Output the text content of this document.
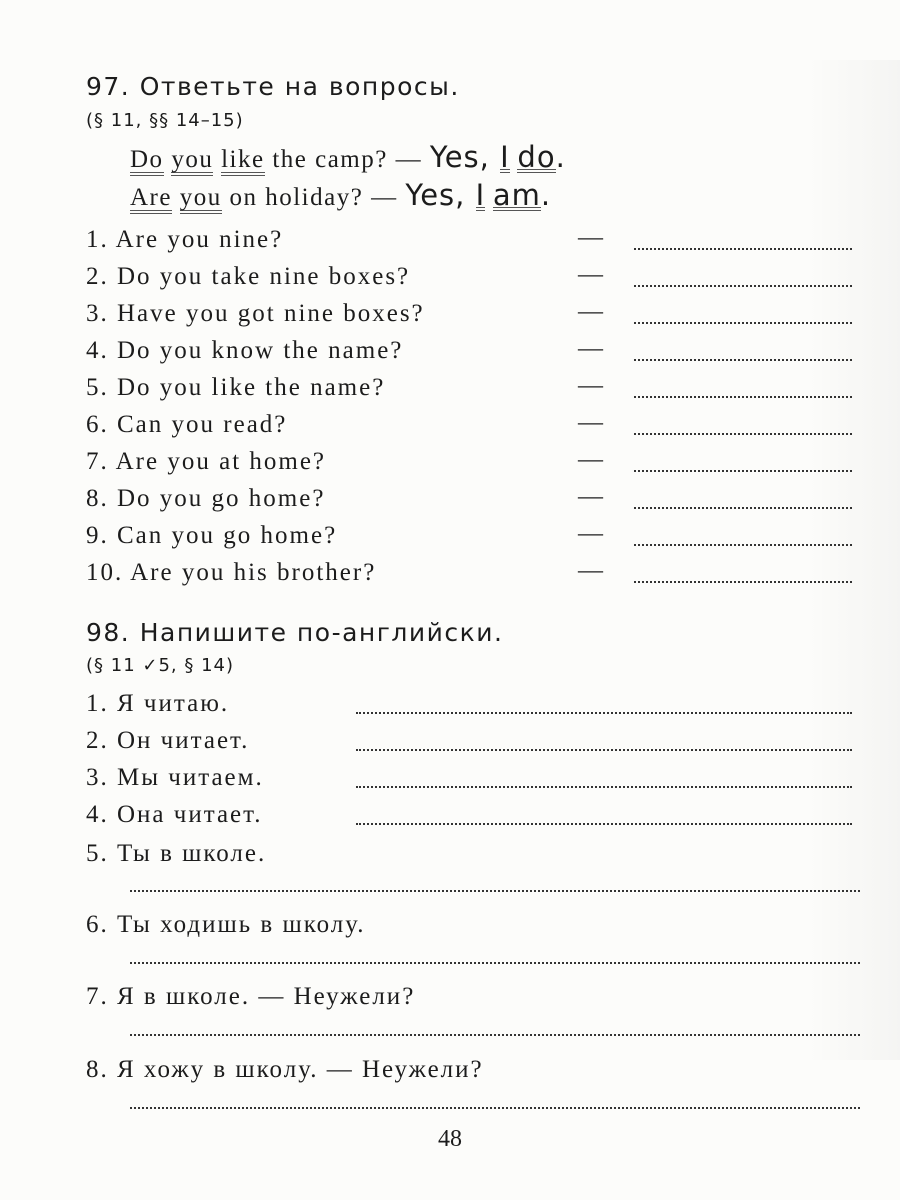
97. Ответьте на вопросы.
(§ 11, §§ 14–15)
Do you like the camp? — Yes, I do.
Are you on holiday? — Yes, I am.
1. Are you nine?	—
2. Do you take nine boxes?	—
3. Have you got nine boxes?	—
4. Do you know the name?	—
5. Do you like the name?	—
6. Can you read?	—
7. Are you at home?	—
8. Do you go home?	—
9. Can you go home?	—
10. Are you his brother?	—
98. Напишите по-английски.
(§ 11 ✓5, § 14)
1. Я читаю.
2. Он читает.
3. Мы читаем.
4. Она читает.
5. Ты в школе.
6. Ты ходишь в школу.
7. Я в школе. — Неужели?
8. Я хожу в школу. — Неужели?
48
